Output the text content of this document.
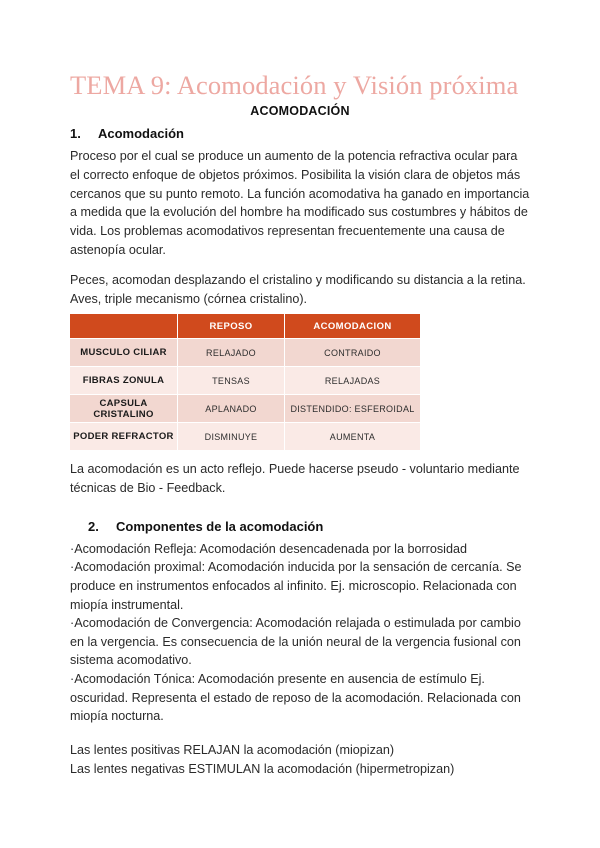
TEMA 9: Acomodación y Visión próxima
ACOMODACIÓN
1.	Acomodación

Proceso por el cual se produce un aumento de la potencia refractiva ocular para el correcto enfoque de objetos próximos. Posibilita la visión clara de objetos más cercanos que su punto remoto. La función acomodativa ha ganado en importancia a medida que la evolución del hombre ha modificado sus costumbres y hábitos de vida. Los problemas acomodativos representan frecuentemente una causa de astenopía ocular.

Peces, acomodan desplazando el cristalino y modificando su distancia a la retina. Aves, triple mecanismo (córnea cristalino).

	REPOSO	ACOMODACION
MUSCULO CILIAR	RELAJADO	CONTRAIDO
FIBRAS ZONULA	TENSAS	RELAJADAS
CAPSULA CRISTALINO	APLANADO	DISTENDIDO: ESFEROIDAL
PODER REFRACTOR	DISMINUYE	AUMENTA

La acomodación es un acto reflejo. Puede hacerse pseudo - voluntario mediante técnicas de Bio - Feedback.

2.	Componentes de la acomodación

·Acomodación Refleja: Acomodación desencadenada por la borrosidad

·Acomodación proximal: Acomodación inducida por la sensación de cercanía. Se produce en instrumentos enfocados al infinito. Ej. microscopio. Relacionada con miopía instrumental.

·Acomodación de Convergencia: Acomodación relajada o estimulada por cambio en la vergencia. Es consecuencia de la unión neural de la vergencia fusional con sistema acomodativo.

·Acomodación Tónica: Acomodación presente en ausencia de estímulo Ej. oscuridad. Representa el estado de reposo de la acomodación. Relacionada con miopía nocturna.

Las lentes positivas RELAJAN la acomodación (miopizan)

Las lentes negativas ESTIMULAN la acomodación (hipermetropizan)
